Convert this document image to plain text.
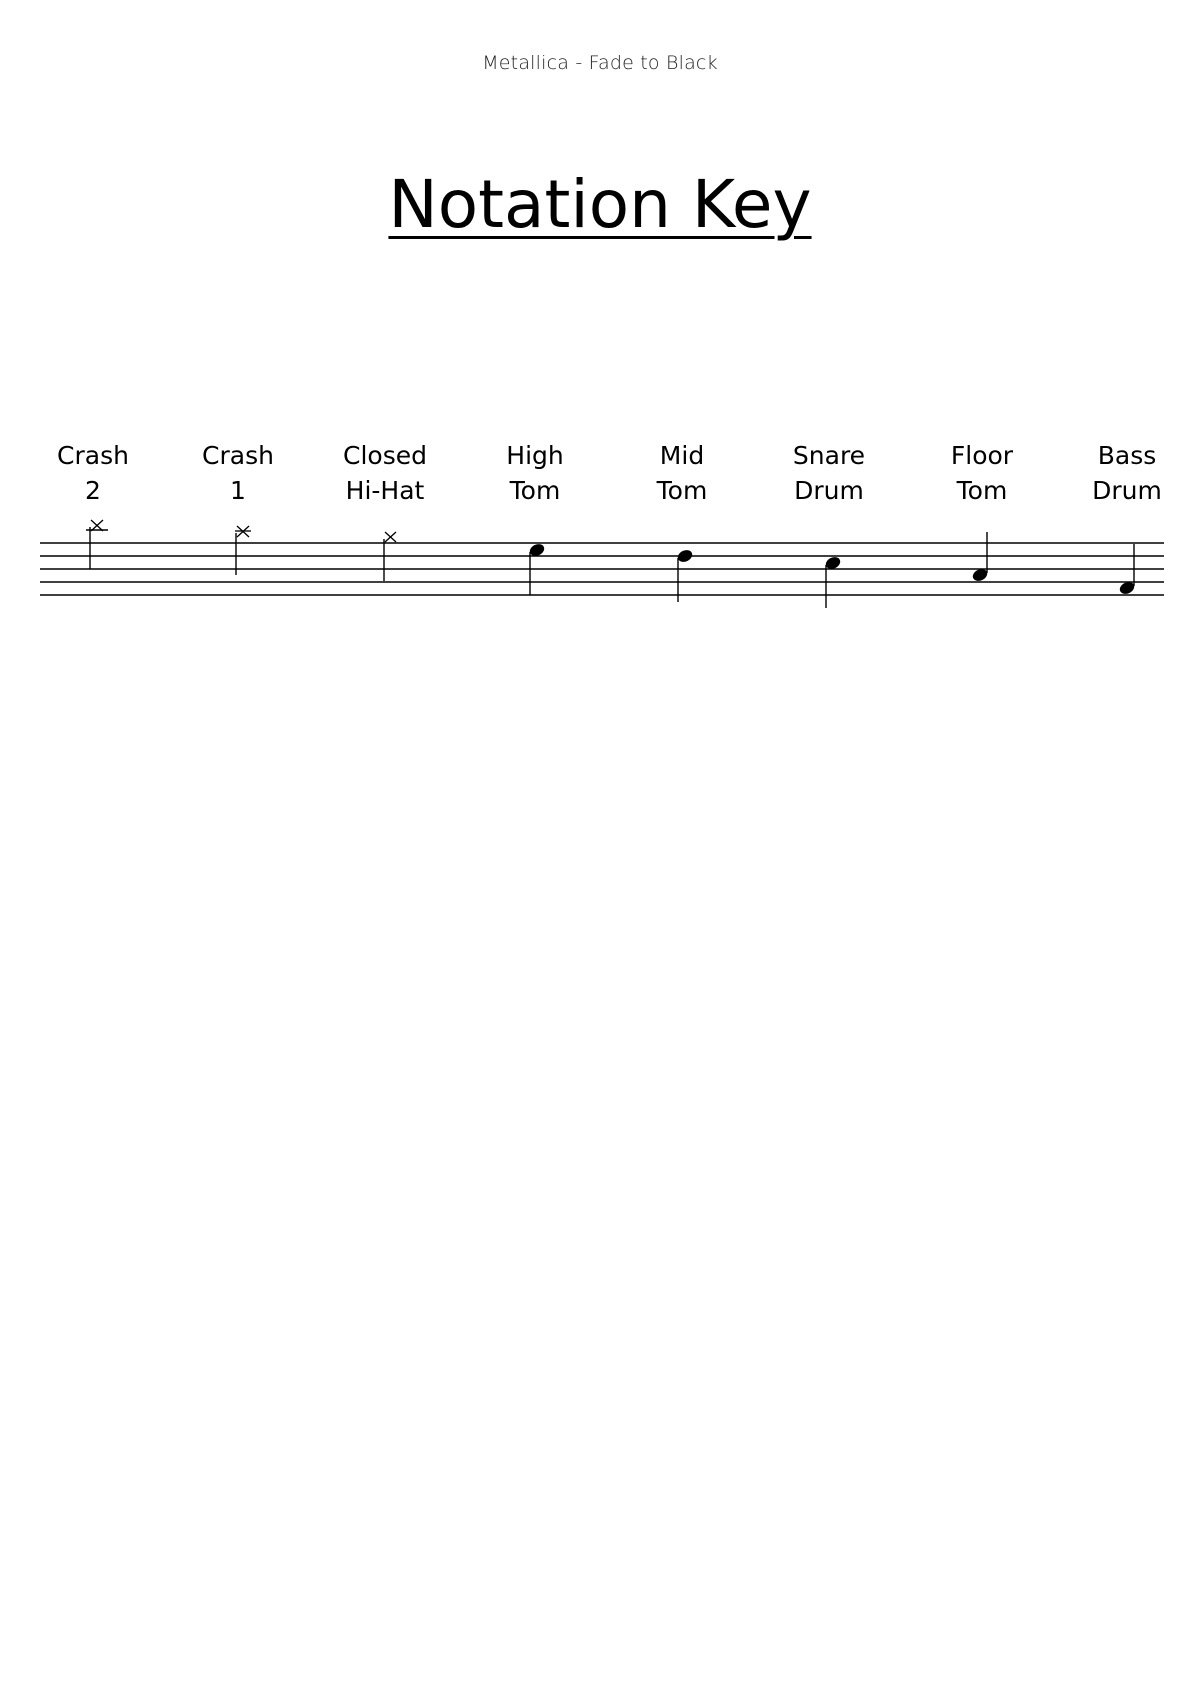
Metallica - Fade to Black
Notation Key
Crash
2
Crash
1
Closed
Hi-Hat
High
Tom
Mid
Tom
Snare
Drum
Floor
Tom
Bass
Drum
